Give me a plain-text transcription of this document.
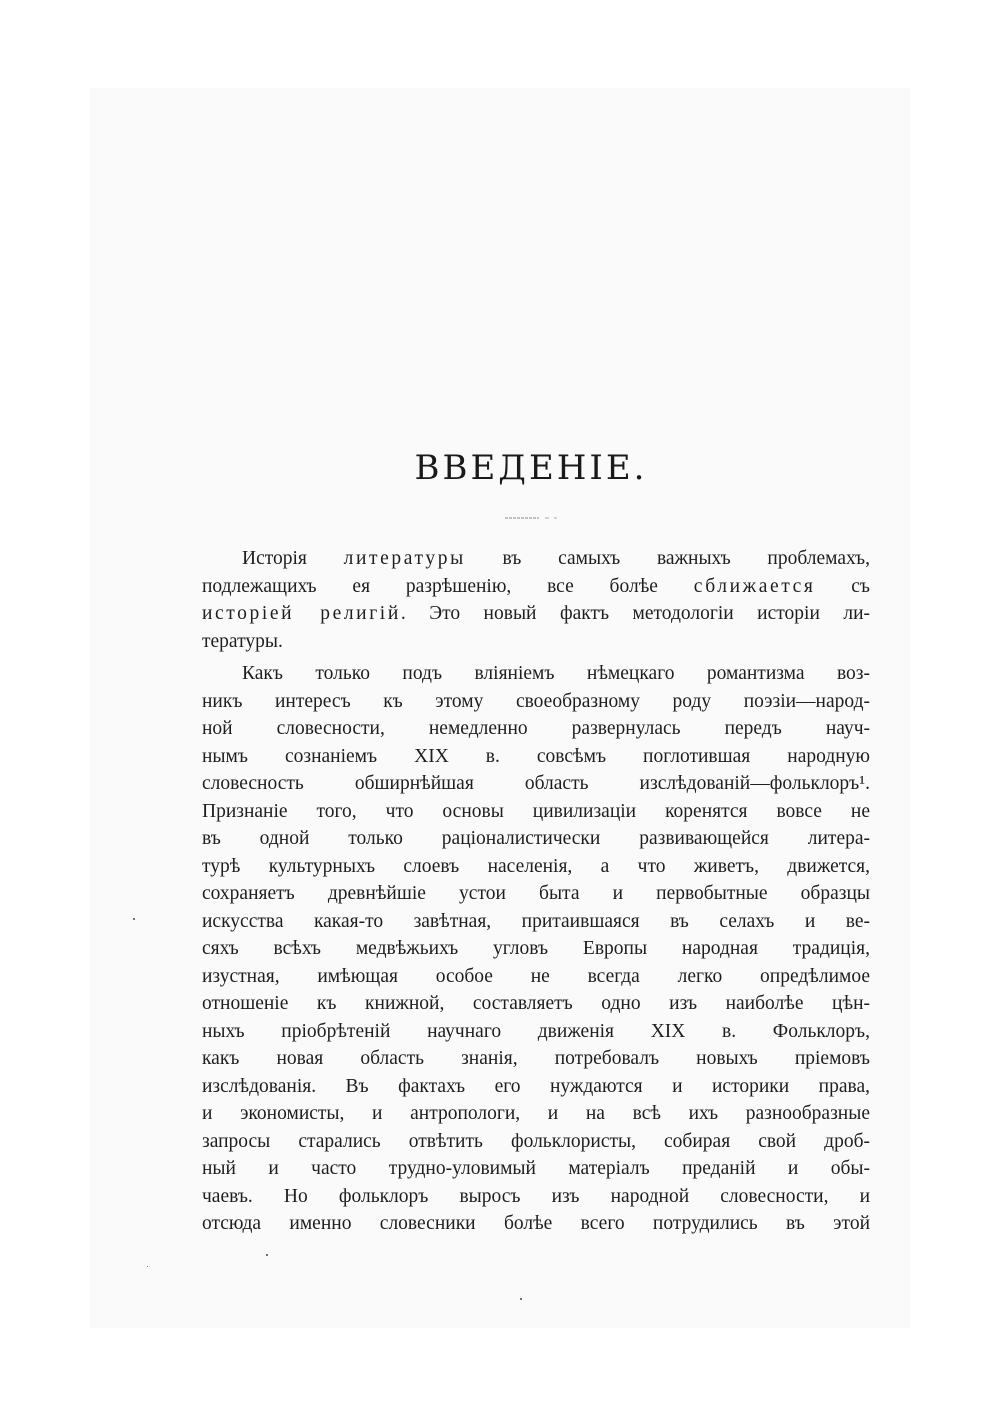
ВВЕДЕНІЕ.
Исторія литературы въ самыхъ важныхъ проблемахъ,
подлежащихъ ея разрѣшенію, все болѣе сближается съ
исторіей религій. Это новый фактъ методологіи исторіи ли-
тературы.
Какъ только подъ вліяніемъ нѣмецкаго романтизма воз-
никъ интересъ къ этому своеобразному роду поэзіи—народ-
ной словесности, немедленно развернулась передъ науч-
нымъ сознаніемъ XIX в. совсѣмъ поглотившая народную
словесность обширнѣйшая область изслѣдованій—фольклоръ¹.
Признаніе того, что основы цивилизаціи коренятся вовсе не
въ одной только раціоналистически развивающейся литера-
турѣ культурныхъ слоевъ населенія, а что живетъ, движется,
сохраняетъ древнѣйшіе устои быта и первобытные образцы
искусства какая-то завѣтная, притаившаяся въ селахъ и ве-
сяхъ всѣхъ медвѣжьихъ угловъ Европы народная традиція,
изустная, имѣющая особое не всегда легко опредѣлимое
отношеніе къ книжной, составляетъ одно изъ наиболѣе цѣн-
ныхъ пріобрѣтеній научнаго движенія XIX в. Фольклоръ,
какъ новая область знанія, потребовалъ новыхъ пріемовъ
изслѣдованія. Въ фактахъ его нуждаются и историки права,
и экономисты, и антропологи, и на всѣ ихъ разнообразные
запросы старались отвѣтить фольклористы, собирая свой дроб-
ный и часто трудно-уловимый матеріалъ преданій и обы-
чаевъ. Но фольклоръ выросъ изъ народной словесности, и
отсюда именно словесники болѣе всего потрудились въ этой
